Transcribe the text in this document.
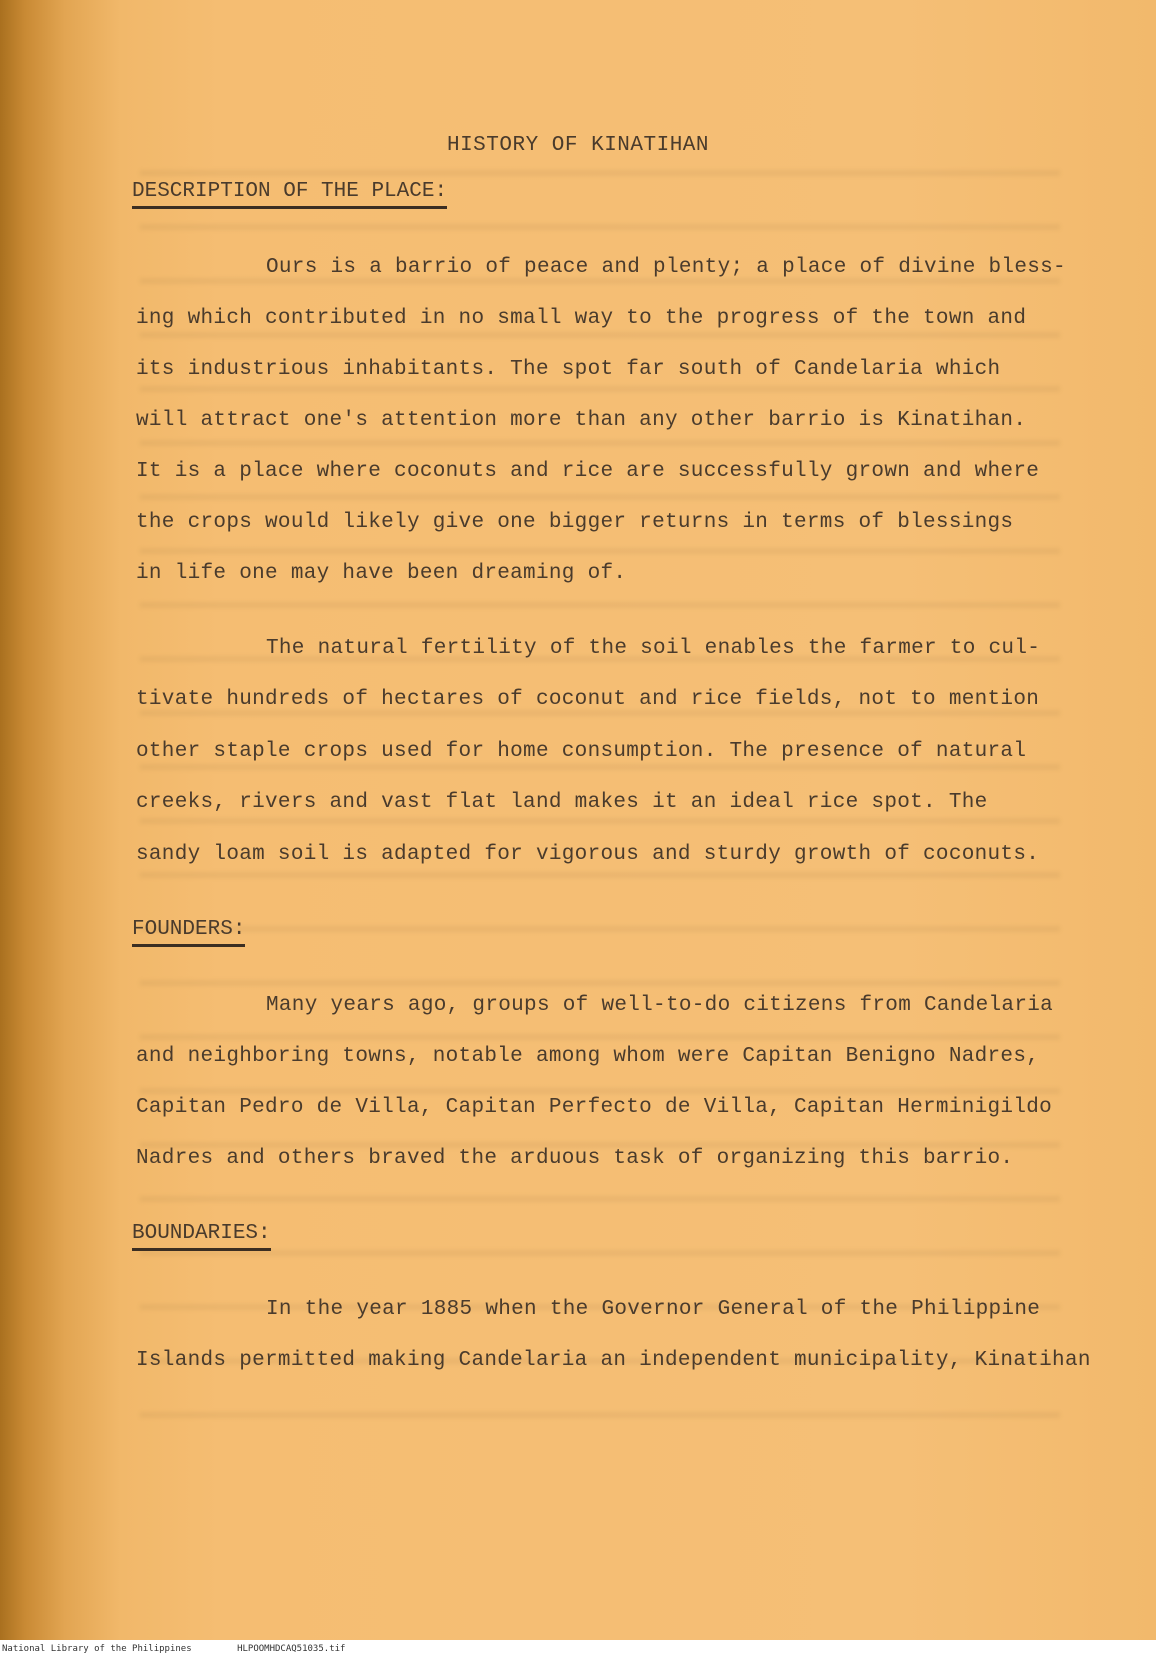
HISTORY OF KINATIHAN
DESCRIPTION OF THE PLACE:
Ours is a barrio of peace and plenty; a place of divine bless-
ing which contributed in no small way to the progress of the town and
its industrious inhabitants. The spot far south of Candelaria which
will attract one's attention more than any other barrio is Kinatihan.
It is a place where coconuts and rice are successfully grown and where
the crops would likely give one bigger returns in terms of blessings
in life one may have been dreaming of.
The natural fertility of the soil enables the farmer to cul-
tivate hundreds of hectares of coconut and rice fields, not to mention
other staple crops used for home consumption. The presence of natural
creeks, rivers and vast flat land makes it an ideal rice spot. The
sandy loam soil is adapted for vigorous and sturdy growth of coconuts.
FOUNDERS:
Many years ago, groups of well-to-do citizens from Candelaria
and neighboring towns, notable among whom were Capitan Benigno Nadres,
Capitan Pedro de Villa, Capitan Perfecto de Villa, Capitan Herminigildo
Nadres and others braved the arduous task of organizing this barrio.
BOUNDARIES:
In the year 1885 when the Governor General of the Philippine
Islands permitted making Candelaria an independent municipality, Kinatihan
National Library of the Philippines	HLPOOMHDCAQ51035.tif
